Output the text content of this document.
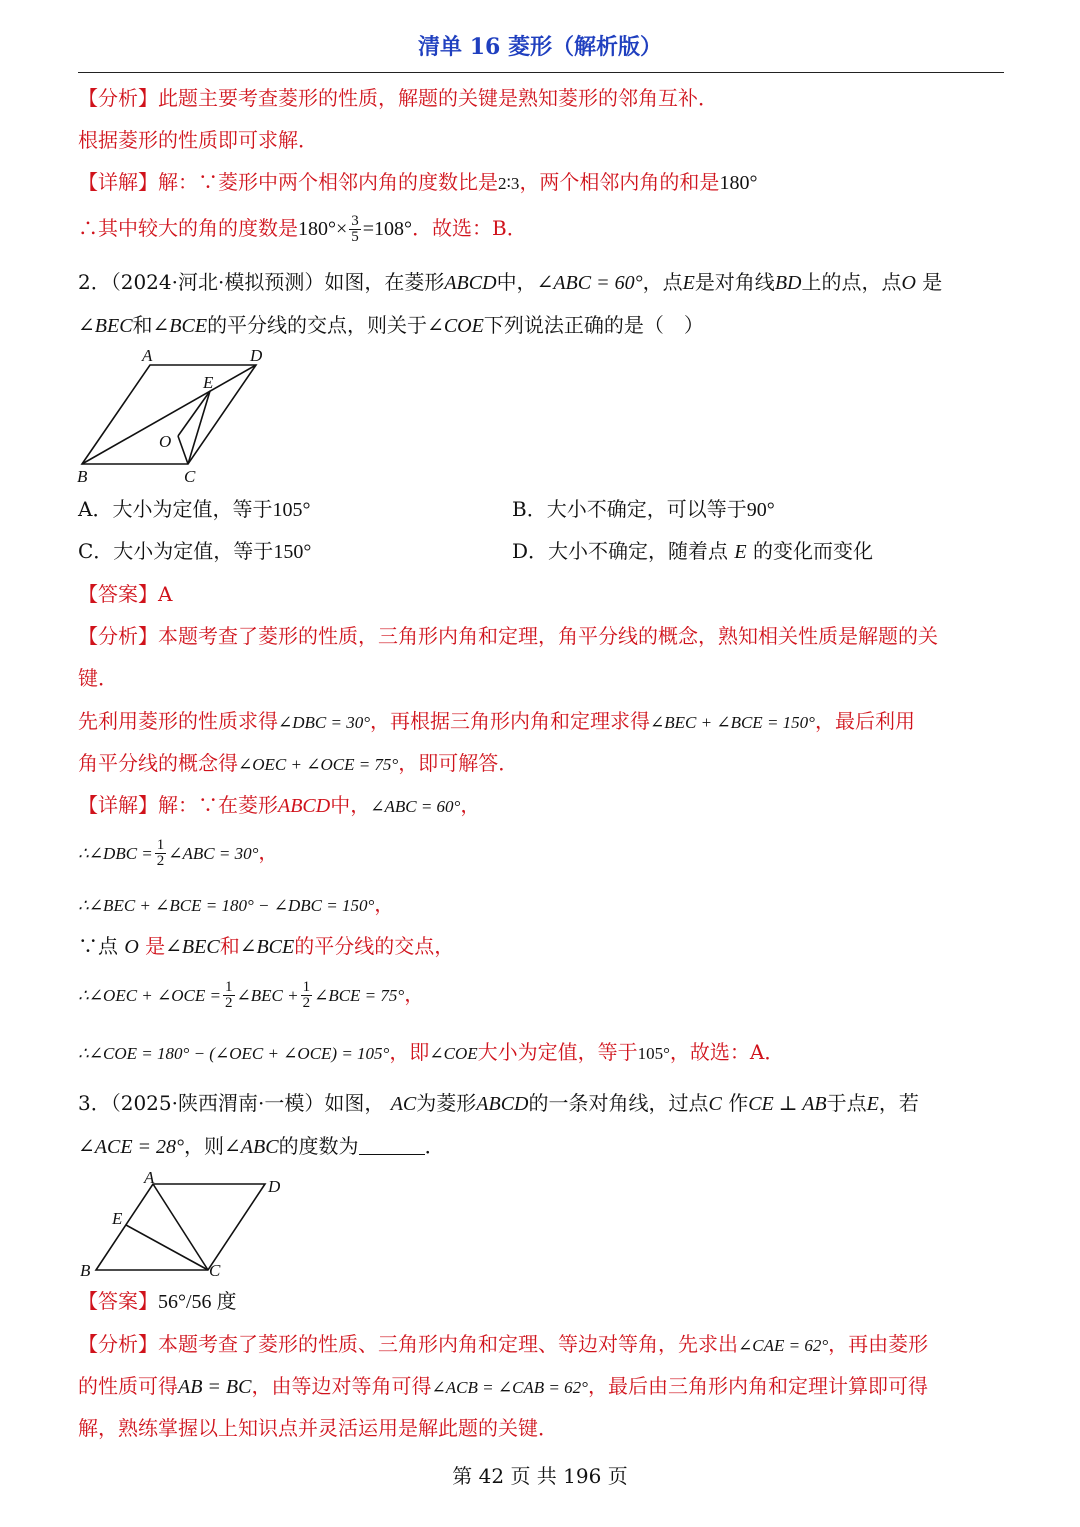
清单 16 菱形（解析版）
【分析】此题主要考查菱形的性质，解题的关键是熟知菱形的邻角互补．
根据菱形的性质即可求解．
【详解】解：∵菱形中两个相邻内角的度数比是2∶3，两个相邻内角的和是180°
∴其中较大的角的度数是$180^\circ\times \frac{3}{5} =108^\circ$．故选：B．
2．（2024·河北·模拟预测）如图，在菱形ABCD中，∠ABC = 60°，点E是对角线BD上的点，点O 是
∠BEC和∠BCE的平分线的交点，则关于∠COE下列说法正确的是（　）
A	D
E
O
B	C
A．大小为定值，等于105°	B．大小不确定，可以等于90°
C．大小为定值，等于150°	D．大小不确定，随着点 E 的变化而变化
【答案】A
【分析】本题考查了菱形的性质，三角形内角和定理，角平分线的概念，熟知相关性质是解题的关
键．
先利用菱形的性质求得∠DBC = 30°，再根据三角形内角和定理求得∠BEC + ∠BCE = 150°，最后利用
角平分线的概念得∠OEC + ∠OCE = 75°，即可解答．
【详解】解：∵在菱形ABCD中，∠ABC = 60°，
∴∠DBC = $\frac{1}{2}$ ∠ABC = 30°，
∴∠BEC + ∠BCE = 180° − ∠DBC = 150°，
∵点 O 是∠BEC和∠BCE的平分线的交点，
∴∠OEC + ∠OCE = $\frac{1}{2}$ ∠BEC + $\frac{1}{2}$ ∠BCE = 75°，
∴∠COE = 180° − (∠OEC + ∠OCE) = 105°，即∠COE大小为定值，等于105°，故选：A．
3．（2025·陕西渭南·一模）如图， AC为菱形ABCD的一条对角线，过点C 作CE ⊥ AB于点E，若
∠ACE = 28°，则∠ABC的度数为	．
A	D
E
B	C
【答案】56°/56 度
【分析】本题考查了菱形的性质、三角形内角和定理、等边对等角，先求出∠CAE = 62°，再由菱形
的性质可得AB = BC，由等边对等角可得∠ACB = ∠CAB = 62°，最后由三角形内角和定理计算即可得
解，熟练掌握以上知识点并灵活运用是解此题的关键．
第 42 页 共 196 页
